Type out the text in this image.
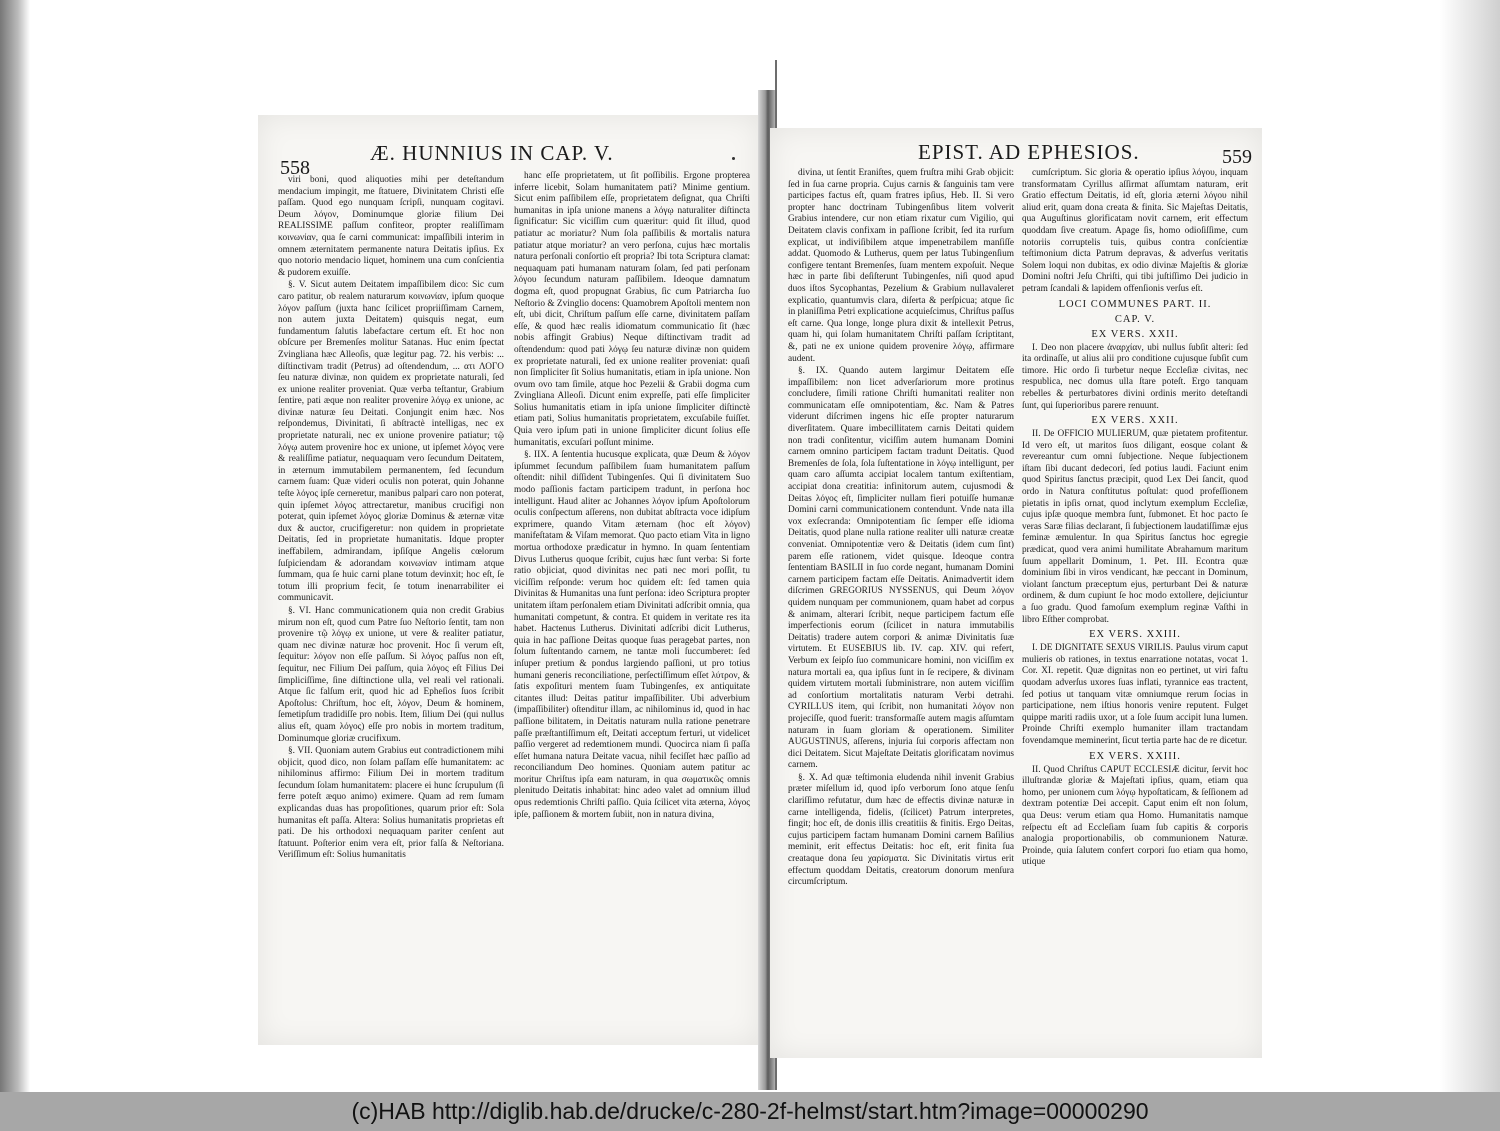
558
Æ. HUNNIUS IN CAP. V.

viri boni, quod aliquoties mihi per deteſtandum mendacium impingit, me ſtatuere, Divinitatem Christi eſſe paſſam. Quod ego nunquam ſcripſi, nunquam cogitavi. Deum λόγον, Dominumque gloriæ filium Dei REALISSIME paſſum confiteor, propter realiſſimam κοινωνίαν, qua ſe carni communicat: impaſſibili interim in omnem æternitatem permanente natura Deitatis ipſius. Ex quo notorio mendacio liquet, hominem una cum conſcientia & pudorem exuiſſe.

§. V. Sicut autem Deitatem impaſſibilem dico: Sic cum caro patitur, ob realem naturarum κοινωνίαν, ipſum quoque λόγον paſſum (juxta hanc ſcilicet propriiſſimam Carnem, non autem juxta Deitatem) quisquis negat, eum fundamentum ſalutis labefactare certum eſt. Et hoc non obſcure per Bremenſes molitur Satanas. Huc enim ſpectat Zvingliana hæc Alleoſis, quæ legitur pag. 72. his verbis: ... diſtinctivam tradit (Petrus) ad oſtendendum, ... ατι ΛΟΓΟ ſeu naturæ divinæ, non quidem ex proprietate naturali, ſed ex unione realiter proveniat. Quæ verba teſtantur, Grabium ſentire, pati æque non realiter provenire λόγῳ ex unione, ac divinæ naturæ ſeu Deitati. Conjungit enim hæc. Nos reſpondemus, Divinitati, ſi abſtractè intelligas, nec ex proprietate naturali, nec ex unione provenire patiatur; τῷ λόγῳ autem provenire hoc ex unione, ut ipſemet λόγος vere & realiſſime patiatur, nequaquam vero ſecundum Deitatem, in æternum immutabilem permanentem, ſed ſecundum carnem ſuam: Quæ videri oculis non poterat, quin Johanne teſte λόγος ipſe cerneretur, manibus palpari caro non poterat, quin ipſemet λόγος attrectaretur, manibus crucifigi non poterat, quin ipſemet λόγος gloriæ Dominus & æternæ vitæ dux & auctor, crucifigeretur: non quidem in proprietate Deitatis, ſed in proprietate humanitatis. Idque propter ineffabilem, admirandam, ipſiſque Angelis cœlorum ſuſpiciendam & adorandam κοινωνίαν intimam atque ſummam, qua ſe huic carni plane totum devinxit; hoc eſt, ſe totum illi proprium fecit, ſe totum inenarrabiliter ei communicavit.

§. VI. Hanc communicationem quia non credit Grabius mirum non eſt, quod cum Patre ſuo Neſtorio ſentit, tam non provenire τῷ λόγῳ ex unione, ut vere & realiter patiatur, quam nec divinæ naturæ hoc provenit. Hoc ſi verum eſt, ſequitur: λόγον non eſſe paſſum. Si λόγος paſſus non eſt, ſequitur, nec Filium Dei paſſum, quia λόγος eſt Filius Dei ſimpliciſſime, ſine diſtinctione ulla, vel reali vel rationali. Atque ſic falſum erit, quod hic ad Epheſios ſuos ſcribit Apoſtolus: Chriſtum, hoc eſt, λόγον, Deum & hominem, ſemetipſum tradidiſſe pro nobis. Item, ſilium Dei (qui nullus alius eſt, quam λόγος) eſſe pro nobis in mortem traditum, Dominumque gloriæ crucifixum.

§. VII. Quoniam autem Grabius eut contradictionem mihi objicit, quod dico, non ſolam paſſam eſſe humanitatem: ac nihilominus affirmo: Filium Dei in mortem traditum ſecundum ſolam humanitatem: placere ei hunc ſcrupulum (ſi ferre poteſt æquo animo) eximere. Quam ad rem ſumam explicandas duas has propoſitiones, quarum prior eſt: Sola humanitas eſt paſſa. Altera: Solius humanitatis proprietas eſt pati. De his orthodoxi nequaquam pariter cenſent aut ſtatuunt. Poſterior enim vera eſt, prior falſa & Neſtoriana. Veriſſimum eſt: Solius humanitatis

hanc eſſe proprietatem, ut ſit poſſibilis. Ergone propterea inferre licebit, Solam humanitatem pati? Minime gentium. Sicut enim paſſibilem eſſe, proprietatem deſignat, qua Chriſti humanitas in ipſa unione manens a λόγῳ naturaliter diſtincta ſignificatur: Sic viciſſim cum quæritur: quid ſit illud, quod patiatur ac moriatur? Num ſola paſſibilis & mortalis natura patiatur atque moriatur? an vero perſona, cujus hæc mortalis natura perſonali conſortio eſt propria? Ibi tota Scriptura clamat: nequaquam pati humanam naturam ſolam, ſed pati perſonam λόγου ſecundum naturam paſſibilem. Ideoque damnatum dogma eſt, quod propugnat Grabius, ſic cum Patriarcha ſuo Neſtorio & Zvinglio docens: Quamobrem Apoſtoli mentem non eſt, ubi dicit, Chriſtum paſſum eſſe carne, divinitatem paſſam eſſe, & quod hæc realis idiomatum communicatio ſit (hæc nobis affingit Grabius) Neque diſtinctivam tradit ad oſtendendum: quod pati λόγῳ ſeu naturæ divinæ non quidem ex proprietate naturali, ſed ex unione realiter proveniat: quaſi non ſimpliciter ſit Solius humanitatis, etiam in ipſa unione. Non ovum ovo tam ſimile, atque hoc Pezelii & Grabii dogma cum Zvingliana Alleoſi. Dicunt enim expreſſe, pati eſſe ſimpliciter Solius humanitatis etiam in ipſa unione ſimpliciter diſtinctè etiam pati, Solius humanitatis proprietatem, excuſabile fuiſſet. Quia vero ipſum pati in unione ſimpliciter dicunt ſolius eſſe humanitatis, excuſari poſſunt minime.

§. IIX. A ſententia hucusque explicata, quæ Deum & λόγον ipſummet ſecundum paſſibilem ſuam humanitatem paſſum oſtendit: nihil diſſident Tubingenſes. Qui ſi divinitatem Suo modo paſſionis factam participem tradunt, in perſona hoc intelligunt. Haud aliter ac Johannes λόγον ipſum Apoſtolorum oculis conſpectum aſſerens, non dubitat abſtracta voce idipſum exprimere, quando Vitam æternam (hoc eſt λόγον) manifeſtatam & Viſam memorat. Quo pacto etiam Vita in ligno mortua orthodoxe prædicatur in hymno. In quam ſententiam Divus Lutherus quoque ſcribit, cujus hæc ſunt verba: Si forte ratio objiciat, quod divinitas nec pati nec mori poſſit, tu viciſſim reſponde: verum hoc quidem eſt: ſed tamen quia Divinitas & Humanitas una ſunt perſona: ideo Scriptura propter unitatem iſtam perſonalem etiam Divinitati adſcribit omnia, qua humanitati competunt, & contra. Et quidem in veritate res ita habet. Hactenus Lutherus. Divinitati adſcribi dicit Lutherus, quia in hac paſſione Deitas quoque ſuas peragebat partes, non ſolum ſuſtentando carnem, ne tantæ moli ſuccumberet: ſed inſuper pretium & pondus largiendo paſſioni, ut pro totius humani generis reconciliatione, perſectiſſimum eſſet λύτρον, & ſatis expoſituri mentem ſuam Tubingenſes, ex antiquitate citantes illud: Deitas patitur impaſſibiliter. Ubi adverbium (impaſſibiliter) oſtenditur illam, ac nihilominus id, quod in hac paſſione bilitatem, in Deitatis naturam nulla ratione penetrare paſſe præſtantiſſimum eſt, Deitati acceptum ferturi, ut videlicet paſſio vergeret ad redemtionem mundi. Quocirca niam ſi paſſa eſſet humana natura Deitate vacua, nihil feciſſet hæc paſſio ad reconciliandum Deo homines. Quoniam autem patitur ac moritur Chriſtus ipſa eam naturam, in qua σωματικῶς omnis plenitudo Deitatis inhabitat: hinc adeo valet ad omnium illud opus redemtionis Chriſti paſſio. Quia ſcilicet vita æterna, λόγος ipſe, paſſionem & mortem ſubiit, non in natura divina,

EPIST. AD EPHESIOS.	559

divina, ut ſentit Eraniſtes, quem fruſtra mihi Grab objicit: ſed in ſua carne propria. Cujus carnis & ſanguinis tam vere participes factus eſt, quam fratres ipſius, Heb. II. Si vero propter hanc doctrinam Tubingenſibus litem volverit Grabius intendere, cur non etiam rixatur cum Vigilio, qui Deitatem clavis confixam in paſſione ſcribit, ſed ita rurſum explicat, ut indiviſibilem atque impenetrabilem manſiſſe addat. Quomodo & Lutherus, quem per latus Tubingenſium configere tentant Bremenſes, ſuam mentem expoſuit. Neque hæc in parte ſibi deſiſterunt Tubingenſes, niſi quod apud duos iſtos Sycophantas, Pezelium & Grabium nullavaleret explicatio, quantumvis clara, diſerta & perſpicua; atque ſic in planiſſima Petri explicatione acquieſcimus, Chriſtus paſſus eſt carne. Qua longe, longe plura dixit & intellexit Petrus, quam hi, qui ſolam humanitatem Chriſti paſſam ſcriptitant, &, pati ne ex unione quidem provenire λόγῳ, affirmare audent.

§. IX. Quando autem largimur Deitatem eſſe impaſſibilem: non licet adverſariorum more protinus concludere, ſimili ratione Chriſti humanitati realiter non communicatam eſſe omnipotentiam, &c. Nam & Patres viderunt diſcrimen ingens hic eſſe propter naturarum diverſitatem. Quare imbecillitatem carnis Deitati quidem non tradi conſitentur, viciſſim autem humanam Domini carnem omnino participem factam tradunt Deitatis. Quod Bremenſes de ſola, ſola ſuſtentatione in λόγῳ intelligunt, per quam caro aſſumta accipiat localem tantum exiſtentiam, accipiat dona creatitia: infinitorum autem, cujusmodi & Deitas λόγος eſt, ſimpliciter nullam fieri potuiſſe humanæ Domini carni communicationem contendunt. Vnde nata illa vox exſecranda: Omnipotentiam ſic ſemper eſſe idioma Deitatis, quod plane nulla ratione realiter ulli naturæ creatæ conveniat. Omnipotentiæ vero & Deitatis (idem cum ſint) parem eſſe rationem, videt quisque. Ideoque contra ſententiam BASILII in ſuo corde negant, humanam Domini carnem participem factam eſſe Deitatis. Animadvertit idem diſcrimen GREGORIUS NYSSENUS, qui Deum λόγον quidem nunquam per communionem, quam habet ad corpus & animam, alterari ſcribit, neque participem factum eſſe imperfectionis eorum (ſcilicet in natura immutabilis Deitatis) tradere autem corpori & animæ Divinitatis ſuæ virtutem. Et EUSEBIUS lib. IV. cap. XIV. qui refert, Verbum ex ſeipſo ſuo communicare homini, non viciſſim ex natura mortali ea, qua ipſius ſunt in ſe recipere, & divinam quidem virtutem mortali ſubministrare, non autem viciſſim ad conſortium mortalitatis naturam Verbi detrahi. CYRILLUS item, qui ſcribit, non humanitati λόγον non projeciſſe, quod fuerit: transformaſſe autem magis aſſumtam naturam in ſuam gloriam & operationem. Similiter AUGUSTINUS, aſſerens, injuria ſui corporis affectam non dici Deitatem. Sicut Majeſtate Deitatis glorificatam novimus carnem.

§. X. Ad quæ teſtimonia eludenda nihil invenit Grabius præter miſellum id, quod ipſo verborum ſono atque ſenſu clariſſimo refutatur, dum hæc de effectis divinæ naturæ in carne intelligenda, fidelis, (ſcilicet) Patrum interpretes, fingit; hoc eſt, de donis illis creatitiis & finitis. Ergo Deitas, cujus participem factam humanam Domini carnem Baſilius meminit, erit effectus Deitatis: hoc eſt, erit finita ſua creataque dona ſeu χαρίσματα. Sic Divinitatis virtus erit effectum quoddam Deitatis, creatorum donorum menſura circumſcriptum.

cumſcriptum. Sic gloria & operatio ipſius λόγου, inquam transformatam Cyrillus aſſirmat aſſumtam naturam, erit Gratio effectum Deitatis, id eſt, gloria æterni λόγου nihil aliud erit, quam dona creata & finita. Sic Majeſtas Deitatis, qua Auguſtinus glorificatam novit carnem, erit effectum quoddam ſive creatum. Apage ſis, homo odioſiſſime, cum notoriis corruptelis tuis, quibus contra conſcientiæ teſtimonium dicta Patrum depravas, & adverſus veritatis Solem loqui non dubitas, ex odio divinæ Majeſtis & gloriæ Domini noſtri Jeſu Chriſti, qui tibi juſtiſſimo Dei judicio in petram ſcandali & lapidem offenſionis verſus eſt.

LOCI COMMUNES PART. II.

CAP. V.

EX VERS. XXII.

I. Deo non placere ἀναρχίαν, ubi nullus ſubſit alteri: ſed ita ordinaſſe, ut alius alii pro conditione cujusque ſubſit cum timore. Hic ordo ſi turbetur neque Eccleſiæ civitas, nec respublica, nec domus ulla ſtare poteſt. Ergo tanquam rebelles & perturbatores divini ordinis merito deteſtandi ſunt, qui ſuperioribus parere renuunt.

EX VERS. XXII.

II. De OFFICIO MULIERUM, quæ pietatem profitentur. Id vero eſt, ut maritos ſuos diligant, eosque colant & revereantur cum omni ſubjectione. Neque ſubjectionem iſtam ſibi ducant dedecori, ſed potius laudi. Faciunt enim quod Spiritus ſanctus præcipit, quod Lex Dei ſancit, quod ordo in Natura conſtitutus poſtulat: quod profeſſionem pietatis in ipſis ornat, quod inclytum exemplum Eccleſiæ, cujus ipſæ quoque membra ſunt, ſubmonet. Et hoc pacto ſe veras Saræ filias declarant, ſi ſubjectionem laudatiſſimæ ejus feminæ æmulentur. In qua Spiritus ſanctus hoc egregie prædicat, quod vera animi humilitate Abrahamum maritum ſuum appellarit Dominum, 1. Pet. III. Econtra quæ dominium ſibi in viros vendicant, hæ peccant in Dominum, violant ſanctum præceptum ejus, perturbant Dei & naturæ ordinem, & dum cupiunt ſe hoc modo extollere, dejiciuntur a ſuo gradu. Quod famoſum exemplum reginæ Vaſthi in libro Eſther comprobat.

EX VERS. XXIII.

I. DE DIGNITATE SEXUS VIRILIS. Paulus virum caput mulieris ob rationes, in textus enarratione notatas, vocat 1. Cor. XI. repetit. Quæ dignitas non eo pertinet, ut viri faſtu quodam adverſus uxores ſuas inflati, tyrannice eas tractent, ſed potius ut tanquam vitæ omniumque rerum ſocias in participatione, nem iſtius honoris venire reputent. Fulget quippe mariti radiis uxor, ut a ſole ſuum accipit luna lumen. Proinde Chriſti exemplo humaniter illam tractandam fovendamque meminerint, ſicut tertia parte hac de re dicetur.

EX VERS. XXIII.

II. Quod Chriſtus CAPUT ECCLESIÆ dicitur, ſervit hoc illuſtrandæ gloriæ & Majeſtati ipſius, quam, etiam qua homo, per unionem cum λόγῳ hypoſtaticam, & ſeſſionem ad dextram potentiæ Dei accepit. Caput enim eſt non ſolum, qua Deus: verum etiam qua Homo. Humanitatis namque reſpectu eſt ad Eccleſiam ſuam ſub capitis & corporis analogia proportionabilis, ob communionem Naturæ. Proinde, quia ſalutem confert corpori ſuo etiam qua homo, utique

(c)HAB http://diglib.hab.de/drucke/c-280-2f-helmst/start.htm?image=00000290
